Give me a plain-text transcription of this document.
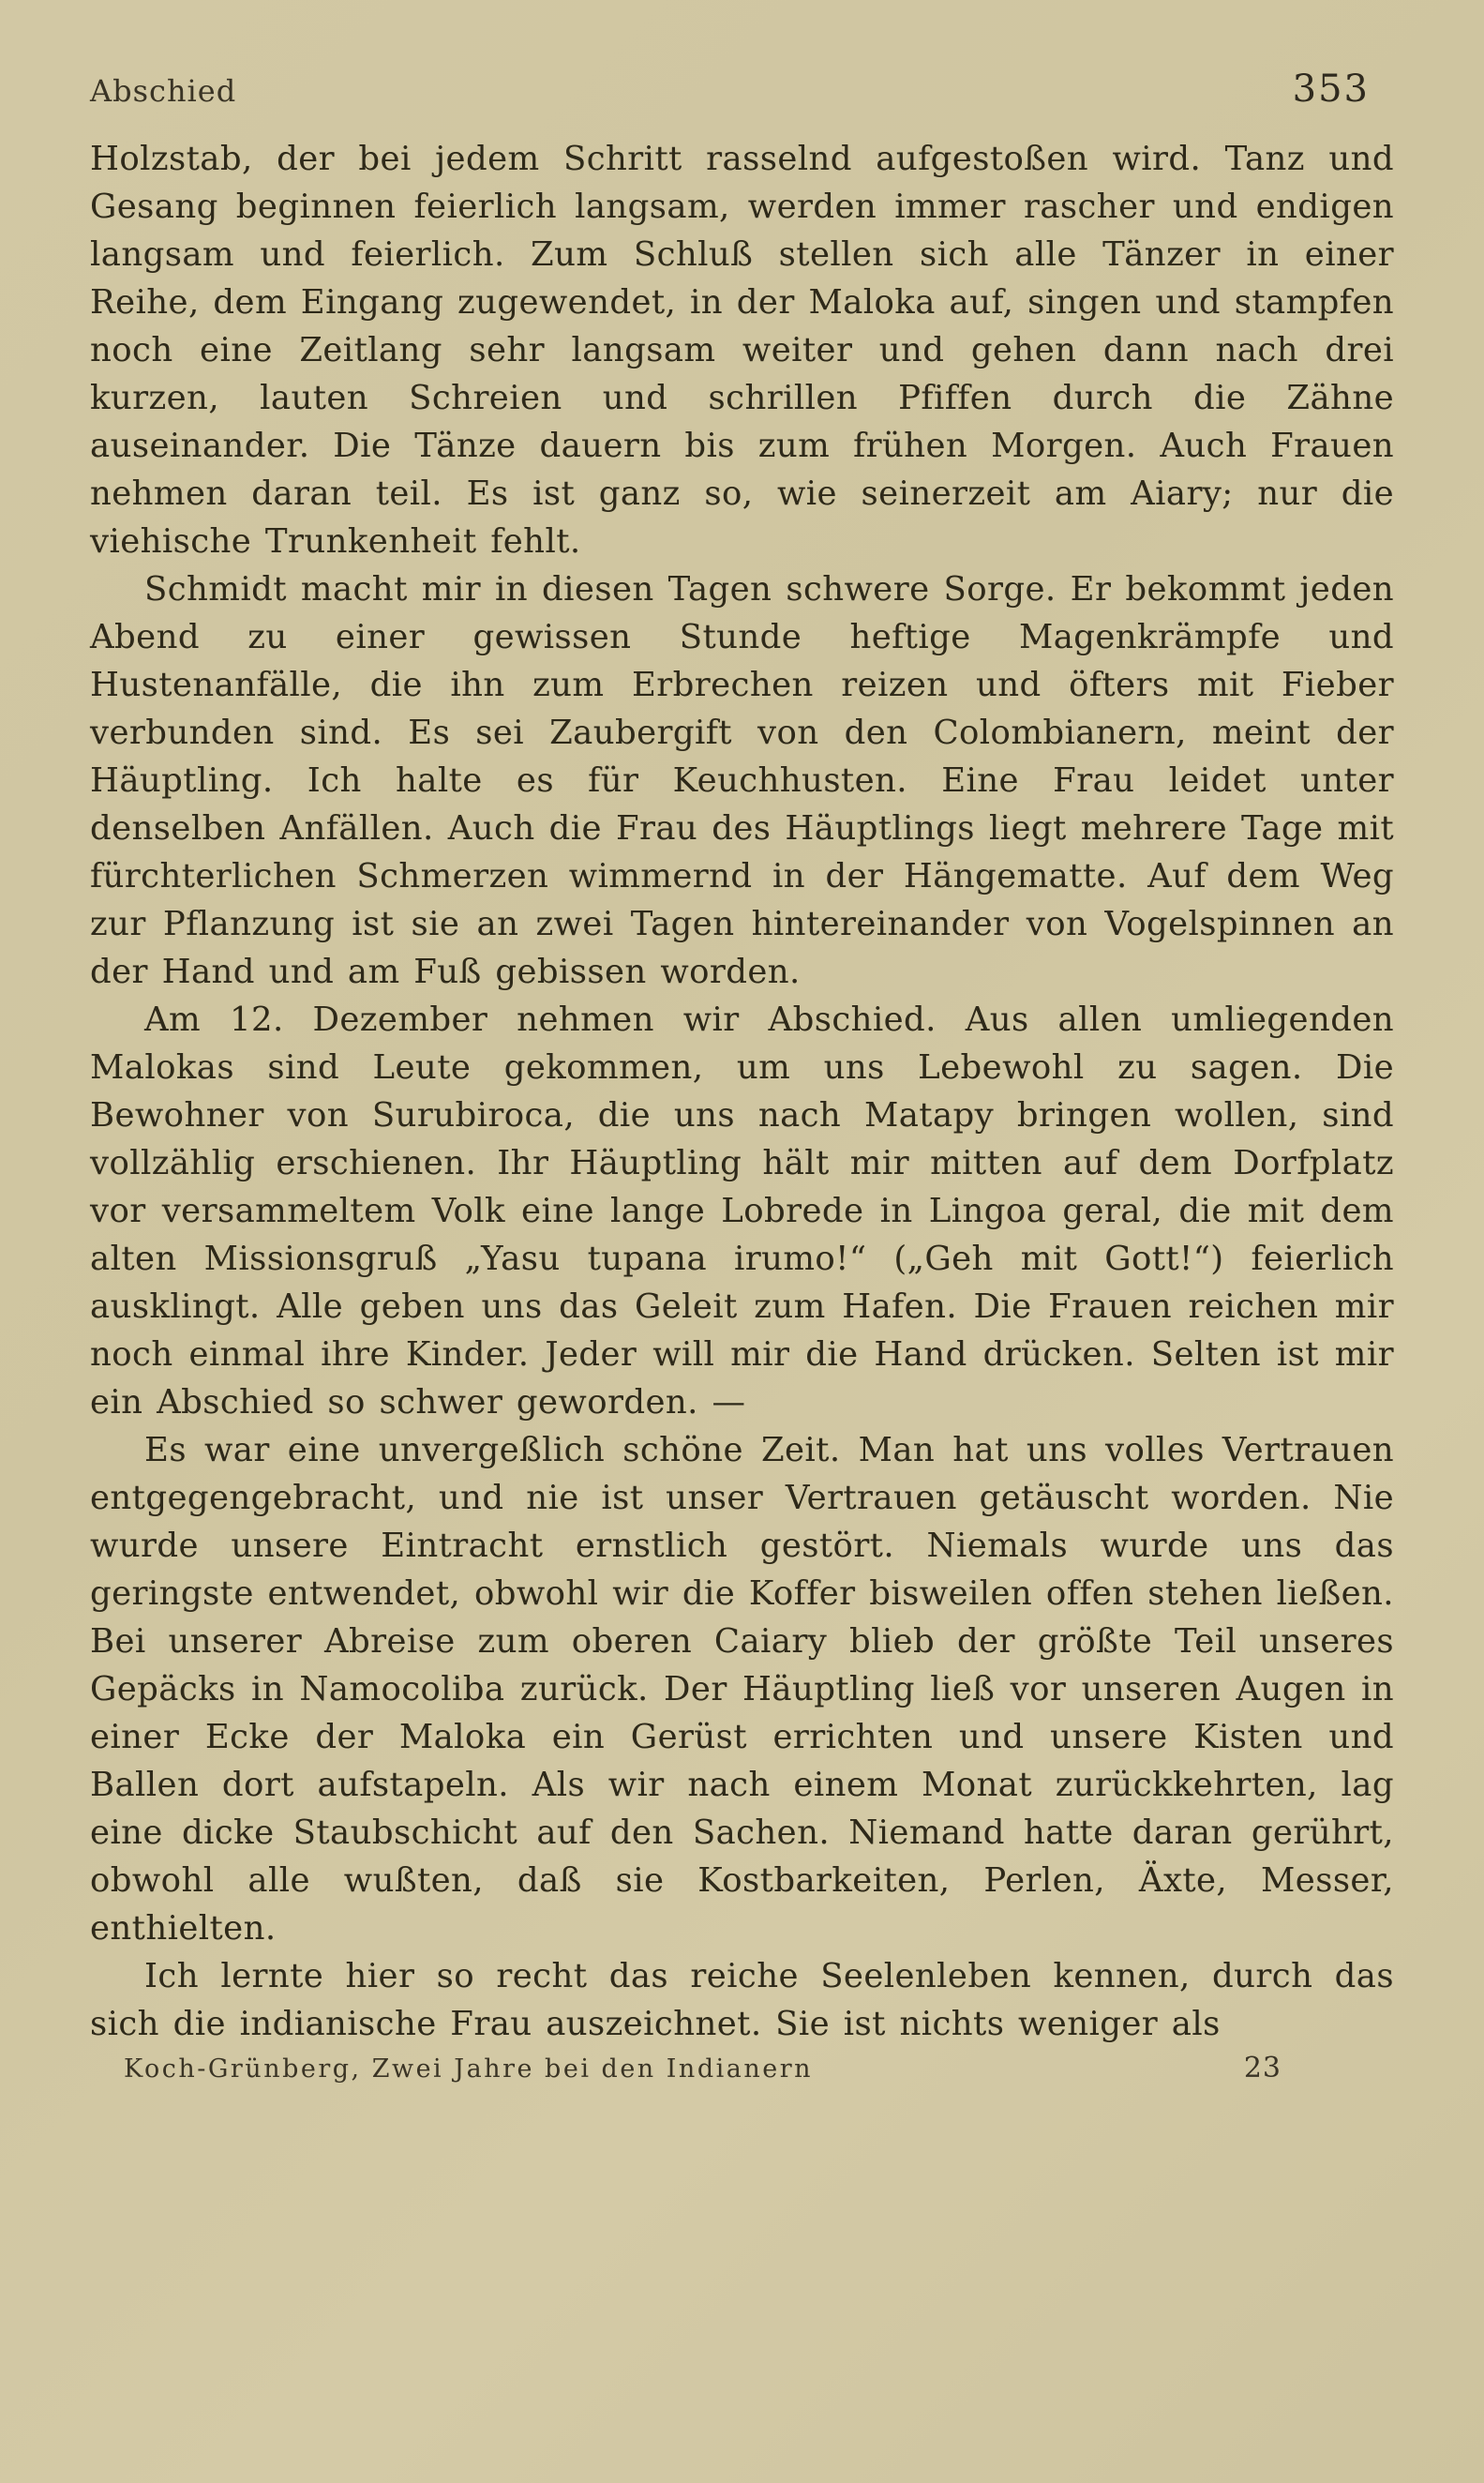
Abschied	353

Holzstab, der bei jedem Schritt rasselnd aufgestoßen wird. Tanz und Gesang beginnen feierlich langsam, werden immer rascher und endigen langsam und feierlich. Zum Schluß stellen sich alle Tänzer in einer Reihe, dem Eingang zugewendet, in der Maloka auf, singen und stampfen noch eine Zeitlang sehr langsam weiter und gehen dann nach drei kurzen, lauten Schreien und schrillen Pfiffen durch die Zähne auseinander. Die Tänze dauern bis zum frühen Morgen. Auch Frauen nehmen daran teil. Es ist ganz so, wie seinerzeit am Aiary; nur die viehische Trunkenheit fehlt.

Schmidt macht mir in diesen Tagen schwere Sorge. Er bekommt jeden Abend zu einer gewissen Stunde heftige Magenkrämpfe und Hustenanfälle, die ihn zum Erbrechen reizen und öfters mit Fieber verbunden sind. Es sei Zaubergift von den Colombianern, meint der Häuptling. Ich halte es für Keuchhusten. Eine Frau leidet unter denselben Anfällen. Auch die Frau des Häuptlings liegt mehrere Tage mit fürchterlichen Schmerzen wimmernd in der Hängematte. Auf dem Weg zur Pflanzung ist sie an zwei Tagen hintereinander von Vogelspinnen an der Hand und am Fuß gebissen worden.

Am 12. Dezember nehmen wir Abschied. Aus allen umliegenden Malokas sind Leute gekommen, um uns Lebewohl zu sagen. Die Bewohner von Surubiroca, die uns nach Matapy bringen wollen, sind vollzählig erschienen. Ihr Häuptling hält mir mitten auf dem Dorfplatz vor versammeltem Volk eine lange Lobrede in Lingoa geral, die mit dem alten Missionsgruß „Yasu tupana irumo!“ („Geh mit Gott!“) feierlich ausklingt. Alle geben uns das Geleit zum Hafen. Die Frauen reichen mir noch einmal ihre Kinder. Jeder will mir die Hand drücken. Selten ist mir ein Abschied so schwer geworden. —

Es war eine unvergeßlich schöne Zeit. Man hat uns volles Vertrauen entgegengebracht, und nie ist unser Vertrauen getäuscht worden. Nie wurde unsere Eintracht ernstlich gestört. Niemals wurde uns das geringste entwendet, obwohl wir die Koffer bisweilen offen stehen ließen. Bei unserer Abreise zum oberen Caiary blieb der größte Teil unseres Gepäcks in Namocoliba zurück. Der Häuptling ließ vor unseren Augen in einer Ecke der Maloka ein Gerüst errichten und unsere Kisten und Ballen dort aufstapeln. Als wir nach einem Monat zurückkehrten, lag eine dicke Staubschicht auf den Sachen. Niemand hatte daran gerührt, obwohl alle wußten, daß sie Kostbarkeiten, Perlen, Äxte, Messer, enthielten.

Ich lernte hier so recht das reiche Seelenleben kennen, durch das sich die indianische Frau auszeichnet. Sie ist nichts weniger als

Koch-Grünberg, Zwei Jahre bei den Indianern	23
